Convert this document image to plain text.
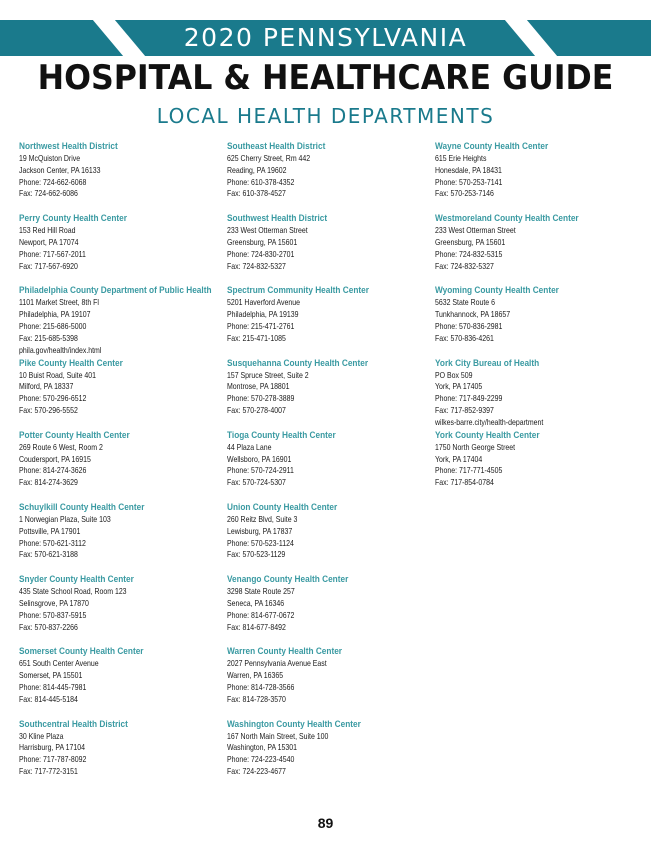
2020 PENNSYLVANIA
HOSPITAL & HEALTHCARE GUIDE
LOCAL HEALTH DEPARTMENTS
Northwest Health District
19 McQuiston Drive
Jackson Center, PA 16133
Phone: 724-662-6068
Fax: 724-662-6086
Perry County Health Center
153 Red Hill Road
Newport, PA 17074
Phone: 717-567-2011
Fax: 717-567-6920
Philadelphia County Department of Public Health
1101 Market Street, 8th Fl
Philadelphia, PA 19107
Phone: 215-686-5000
Fax: 215-685-5398
phila.gov/health/index.html
Pike County Health Center
10 Buist Road, Suite 401
Milford, PA 18337
Phone: 570-296-6512
Fax: 570-296-5552
Potter County Health Center
269 Route 6 West, Room 2
Coudersport, PA 16915
Phone: 814-274-3626
Fax: 814-274-3629
Schuylkill County Health Center
1 Norwegian Plaza, Suite 103
Pottsville, PA 17901
Phone: 570-621-3112
Fax: 570-621-3188
Snyder County Health Center
435 State School Road, Room 123
Selinsgrove, PA 17870
Phone: 570-837-5915
Fax: 570-837-2266
Somerset County Health Center
651 South Center Avenue
Somerset, PA 15501
Phone: 814-445-7981
Fax: 814-445-5184
Southcentral Health District
30 Kline Plaza
Harrisburg, PA 17104
Phone: 717-787-8092
Fax: 717-772-3151
Southeast Health District
625 Cherry Street, Rm 442
Reading, PA 19602
Phone: 610-378-4352
Fax: 610-378-4527
Southwest Health District
233 West Otterman Street
Greensburg, PA 15601
Phone: 724-830-2701
Fax: 724-832-5327
Spectrum Community Health Center
5201 Haverford Avenue
Philadelphia, PA 19139
Phone: 215-471-2761
Fax: 215-471-1085
Susquehanna County Health Center
157 Spruce Street, Suite 2
Montrose, PA 18801
Phone: 570-278-3889
Fax: 570-278-4007
Tioga County Health Center
44 Plaza Lane
Wellsboro, PA 16901
Phone: 570-724-2911
Fax: 570-724-5307
Union County Health Center
260 Reitz Blvd, Suite 3
Lewisburg, PA 17837
Phone: 570-523-1124
Fax: 570-523-1129
Venango County Health Center
3298 State Route 257
Seneca, PA 16346
Phone: 814-677-0672
Fax: 814-677-8492
Warren County Health Center
2027 Pennsylvania Avenue East
Warren, PA 16365
Phone: 814-728-3566
Fax: 814-728-3570
Washington County Health Center
167 North Main Street, Suite 100
Washington, PA 15301
Phone: 724-223-4540
Fax: 724-223-4677
Wayne County Health Center
615 Erie Heights
Honesdale, PA 18431
Phone: 570-253-7141
Fax: 570-253-7146
Westmoreland County Health Center
233 West Otterman Street
Greensburg, PA 15601
Phone: 724-832-5315
Fax: 724-832-5327
Wyoming County Health Center
5632 State Route 6
Tunkhannock, PA 18657
Phone: 570-836-2981
Fax: 570-836-4261
York City Bureau of Health
PO Box 509
York, PA 17405
Phone: 717-849-2299
Fax: 717-852-9397
wilkes-barre.city/health-department
York County Health Center
1750 North George Street
York, PA 17404
Phone: 717-771-4505
Fax: 717-854-0784
89
